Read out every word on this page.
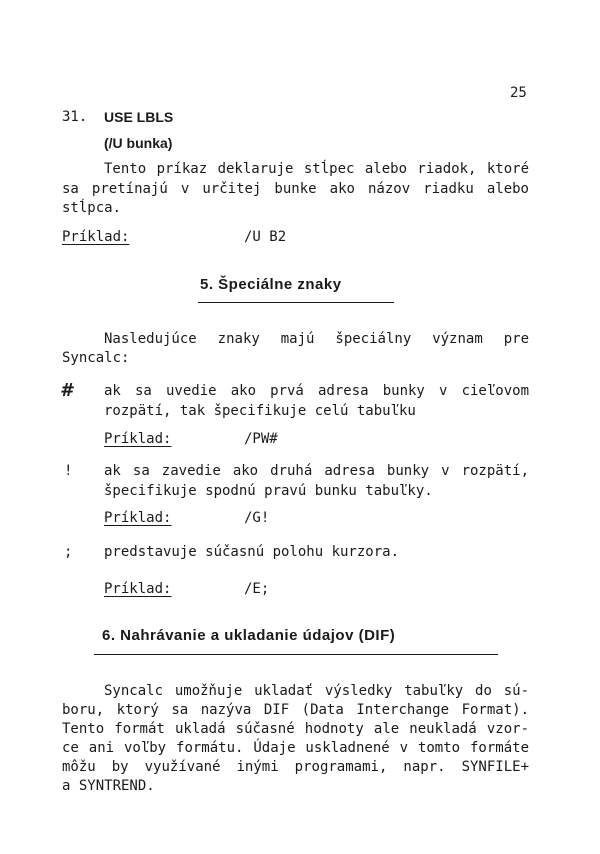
25
31. USE LBLS
(/U bunka)
Tento príkaz deklaruje stĺpec alebo riadok, ktoré
sa pretínajú v určitej bunke ako názov riadku alebo
stĺpca.
Príklad:	/U B2
5. Špeciálne znaky
Nasledujúce znaky majú špeciálny význam pre
Syncalc:
# ak sa uvedie ako prvá adresa bunky v cieľovom
rozpätí, tak špecifikuje celú tabuľku
Príklad:	/PW#
! ak sa zavedie ako druhá adresa bunky v rozpätí,
špecifikuje spodnú pravú bunku tabuľky.
Príklad:	/G!
; predstavuje súčasnú polohu kurzora.
Príklad:	/E;
6. Nahrávanie a ukladanie údajov (DIF)
Syncalc umožňuje ukladať výsledky tabuľky do sú-
boru, ktorý sa nazýva DIF (Data Interchange Format).
Tento formát ukladá súčasné hodnoty ale neukladá vzor-
ce ani voľby formátu. Údaje uskladnené v tomto formáte
môžu by využívané inými programami, napr. SYNFILE+
a SYNTREND.
